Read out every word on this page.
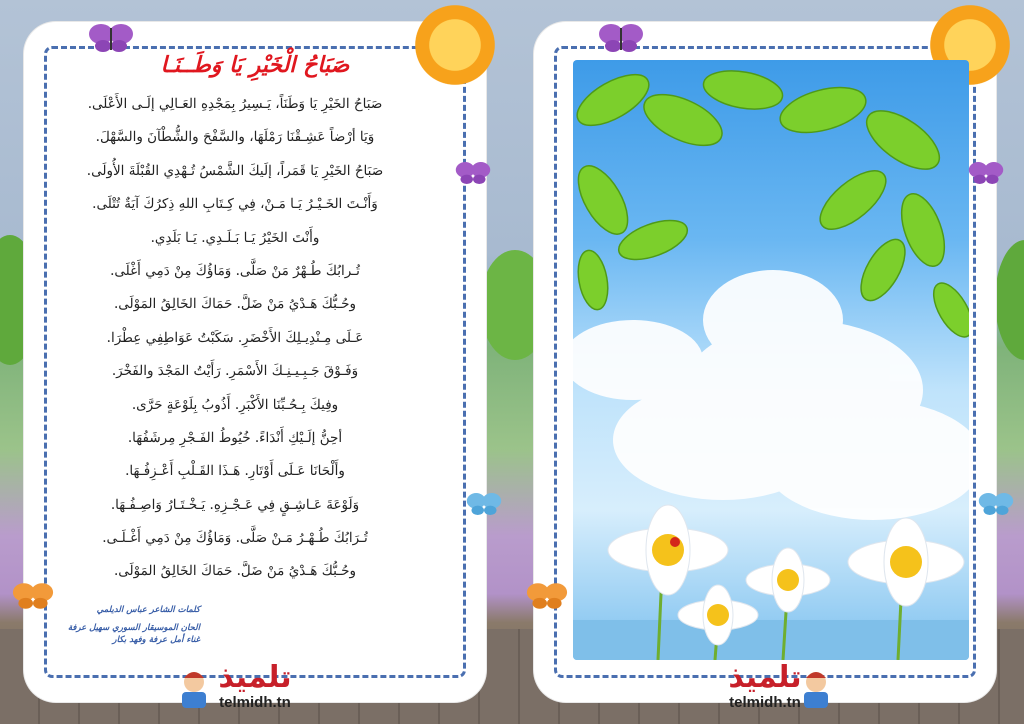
صَبَاحُ الْخَيْرِ يَا وَطَــنَـا
صَبَاحُ الخَيْرِ يَا وَطَنَاً، يَـسِيرُ بِمَجْدِهِ العَـالِي إلَـى الأَعْلَى.
وَيَا أرْضاً عَشِـقْنَا رَمْلَهَا، والسَّفْحَ والشُّطْآنَ والسَّهْلَ.
صَبَاحُ الخَيْرِ يَا قَمَراً، إلَيكَ الشَّمْسُ تُـهْدِي القُبْلَةَ الأُولَى.
وَأَنْـتَ الخَـيْـرُ يَـا مَـنْ، فِي كِـتَابِ اللهِ ذِكرُكَ آيَةٌ تُتْلَى.
وأَنْتَ الخَيْرُ يَـا بَـلَـدِي. يَـا بَلَدِي.
تُـرابُكَ طُـهْرٌ مَنْ صَلَّى. وَمَاؤُكَ مِنْ دَمِي أَغْلَى.
وحُـبُّكَ هَـدْيُ مَنْ ضَلَّ. حَمَاكَ الخَالِقُ المَوْلَى.
عَـلَى مِـنْدِيـلِكَ الأَخْضَرِ. سَكَبْتُ عَوَاطِفِي عِطْرَا.
وَفَـوْقَ جَـبِـيـنِـكَ الأَسْمَرِ. رَأَيْتُ المَجْدَ والفَخْرَ.
وفِيكَ بِـحُـبِّنَا الأَكْبَرِ. أَذُوبُ بِلَوْعَةٍ حَرَّى.
أحِنُّ إلَـيْكِ أَنْدَاءً. خُيُوطُ الفَـجْرِ مِرشَفُهَا.
وأَلْحَانَا عَـلَى أَوْتَارِ. هَـذَا القَـلْبِ أَعْـزِفُـهَا.
وَلَوْعَةَ عَـاشِـقٍ فِي عَـجْـزِهِ. يَـخْـتَـارُ وَاصِـفُـهَا.
تُـرَابُكَ طُـهْـرُ مَـنْ صَلَّى. وَمَاؤُكَ مِنْ دَمِي أَغْـلَـى.
وحُـبُّكَ هَـدْيُ مَنْ ضَلَّ. حَمَاكَ الخَالِقُ المَوْلَى.
كلمات الشاعر عباس الديلمي
الحان الموسيقار السوري سهيل عرفة
غناء أمل عرفة وفهد بكار
تلميذ
telmidh.tn
تلميذ
telmidh.tn
